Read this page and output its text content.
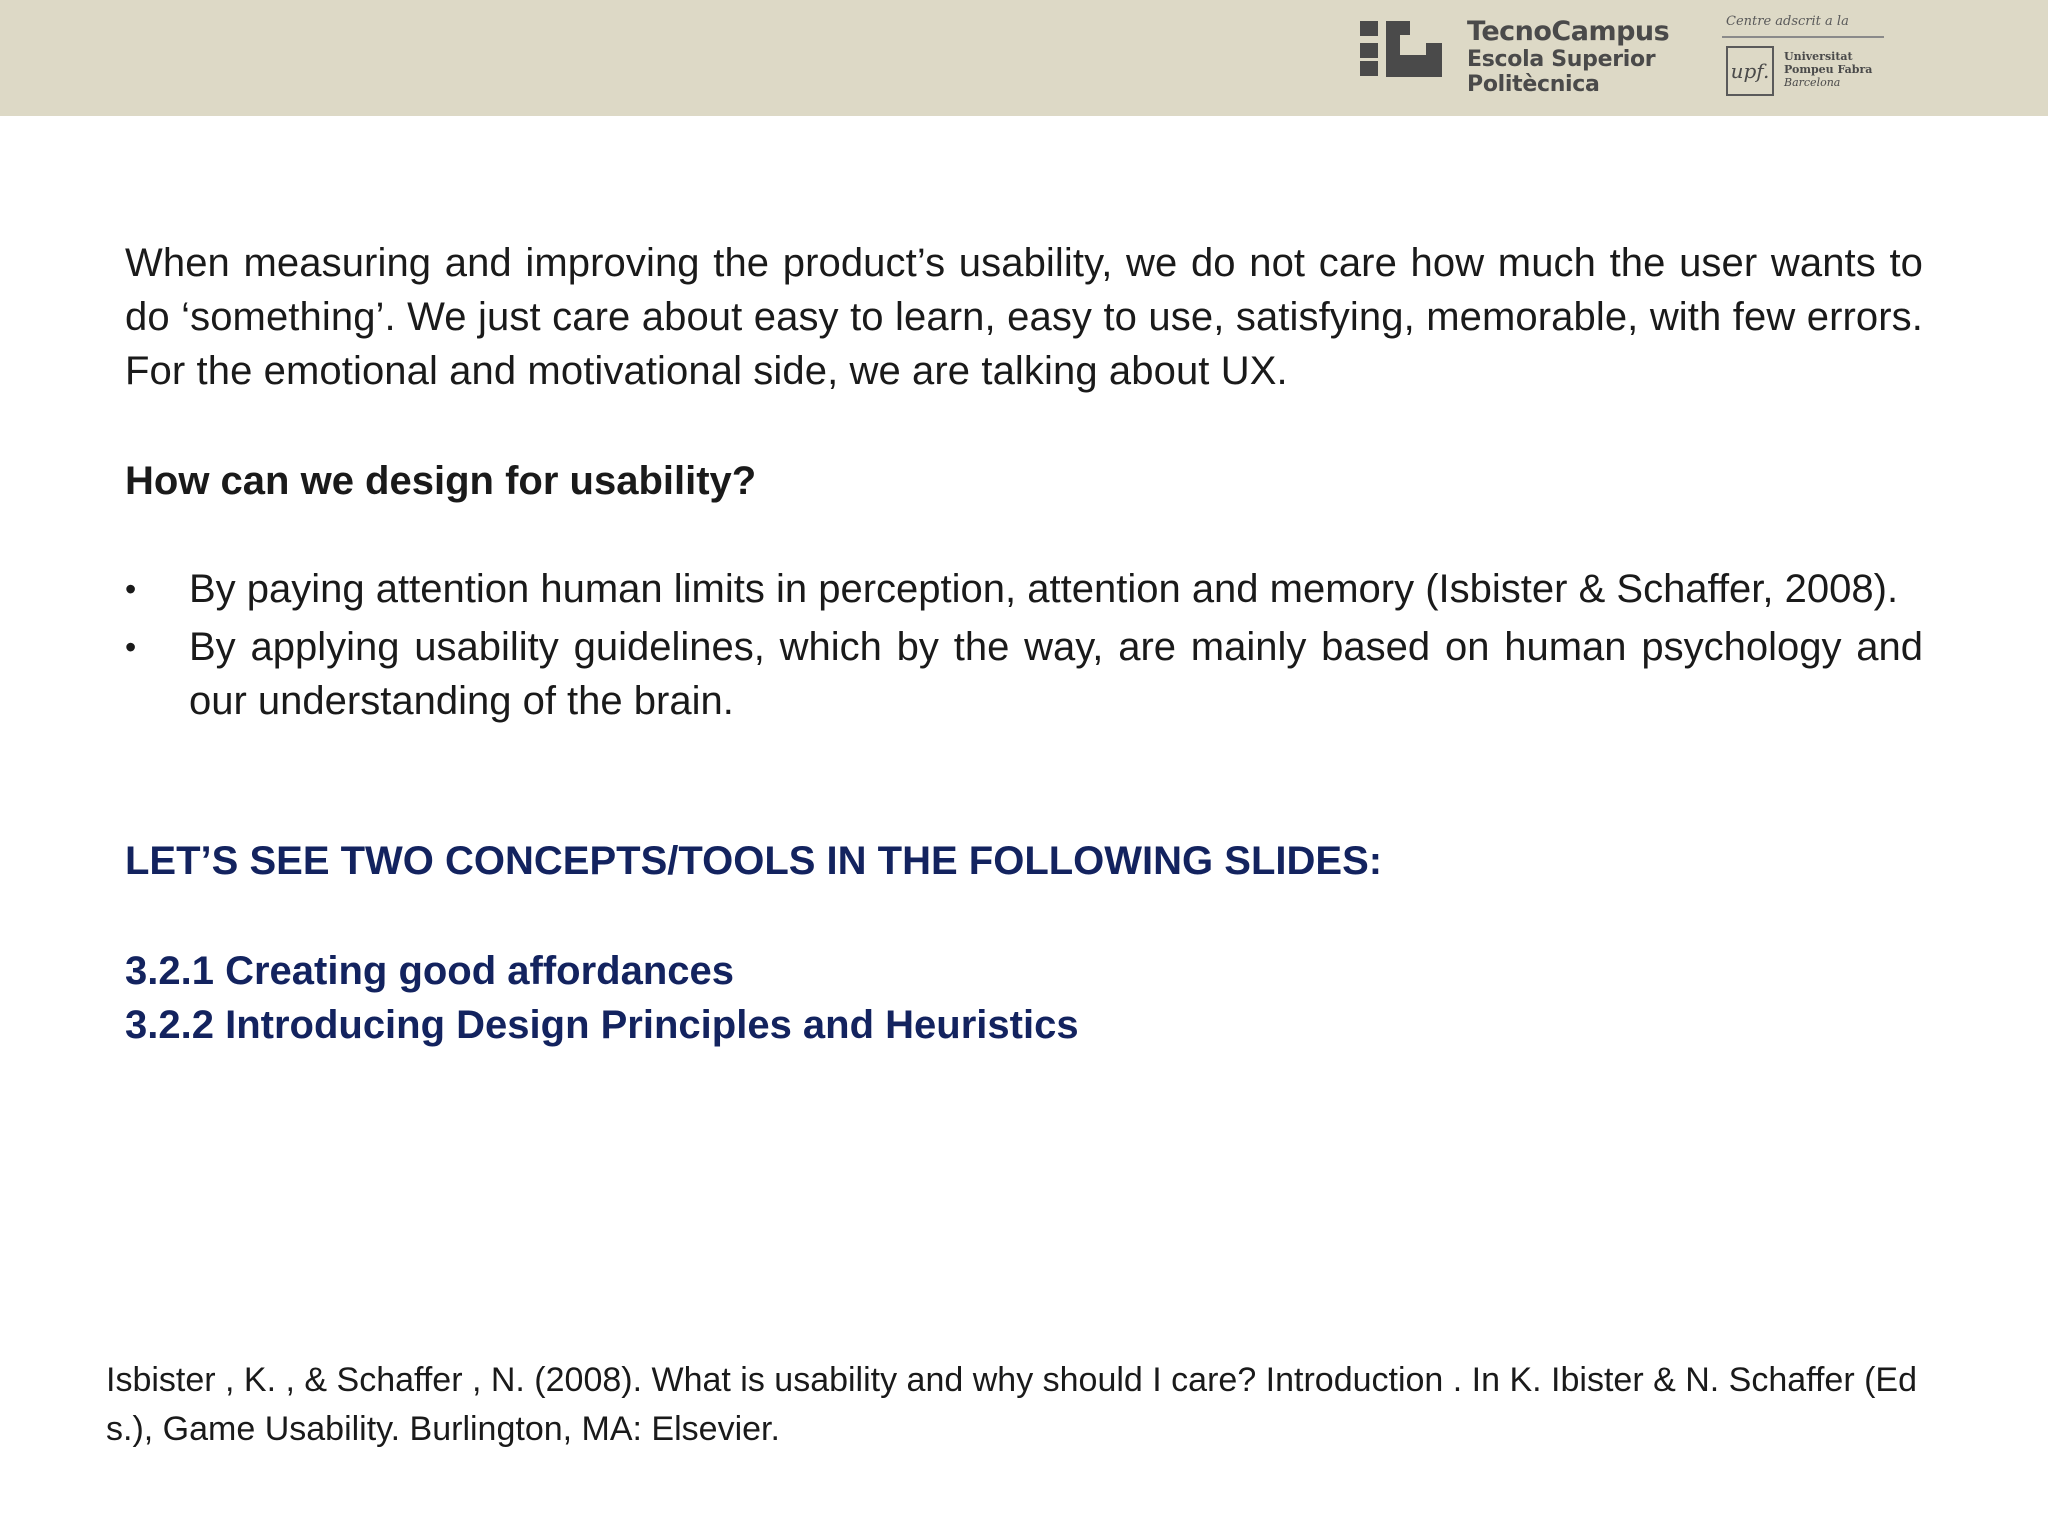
TecnoCampus
Escola Superior
Politècnica
Centre adscrit a la
upf.
Universitat
Pompeu Fabra
Barcelona

When measuring and improving the product’s usability, we do not care how much the user wants to do ‘something’. We just care about easy to learn, easy to use, satisfying, memorable, with few errors. For the emotional and motivational side, we are talking about UX.

How can we design for usability?

• By paying attention human limits in perception, attention and memory (Isbister & Schaffer, 2008).
• By applying usability guidelines, which by the way, are mainly based on human psychology and our understanding of the brain.

LET’S SEE TWO CONCEPTS/TOOLS IN THE FOLLOWING SLIDES:

3.2.1 Creating good affordances
3.2.2 Introducing Design Principles and Heuristics
Isbister , K. , & Schaffer , N. (2008). What is usability and why should I care? Introduction . In K. Ibister & N. Schaffer (Eds.), Game Usability. Burlington, MA: Elsevier.
